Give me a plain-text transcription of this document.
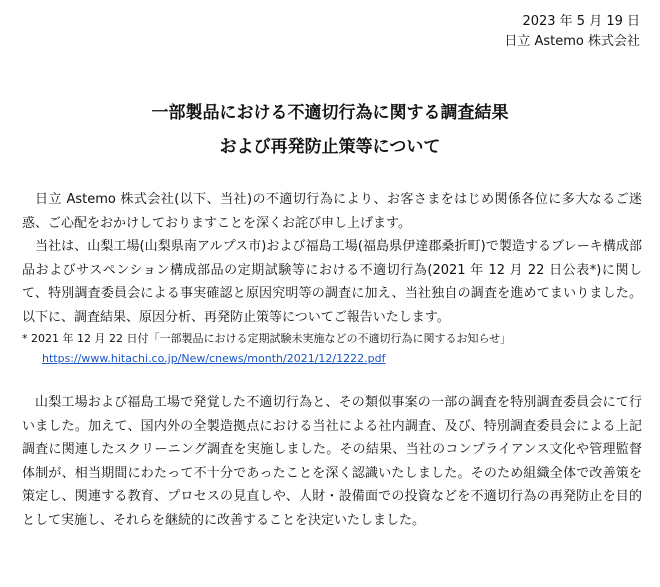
2023 年 5 月 19 日
日立 Astemo 株式会社
一部製品における不適切行為に関する調査結果
および再発防止策等について

日立 Astemo 株式会社(以下、当社)の不適切行為により、お客さまをはじめ関係各位に多大なるご迷惑、ご心配をおかけしておりますことを深くお詫び申し上げます。

当社は、山梨工場(山梨県南アルプス市)および福島工場(福島県伊達郡桑折町)で製造するブレーキ構成部品およびサスペンション構成部品の定期試験等における不適切行為(2021 年 12 月 22 日公表*)に関して、特別調査委員会による事実確認と原因究明等の調査に加え、当社独自の調査を進めてまいりました。以下に、調査結果、原因分析、再発防止策等についてご報告いたします。

* 2021 年 12 月 22 日付「一部製品における定期試験未実施などの不適切行為に関するお知らせ」

https://www.hitachi.co.jp/New/cnews/month/2021/12/1222.pdf

山梨工場および福島工場で発覚した不適切行為と、その類似事案の一部の調査を特別調査委員会にて行いました。加えて、国内外の全製造拠点における当社による社内調査、及び、特別調査委員会による上記調査に関連したスクリーニング調査を実施しました。その結果、当社のコンプライアンス文化や管理監督体制が、相当期間にわたって不十分であったことを深く認識いたしました。そのため組織全体で改善策を策定し、関連する教育、プロセスの見直しや、人財・設備面での投資などを不適切行為の再発防止を目的として実施し、それらを継続的に改善することを決定いたしました。
